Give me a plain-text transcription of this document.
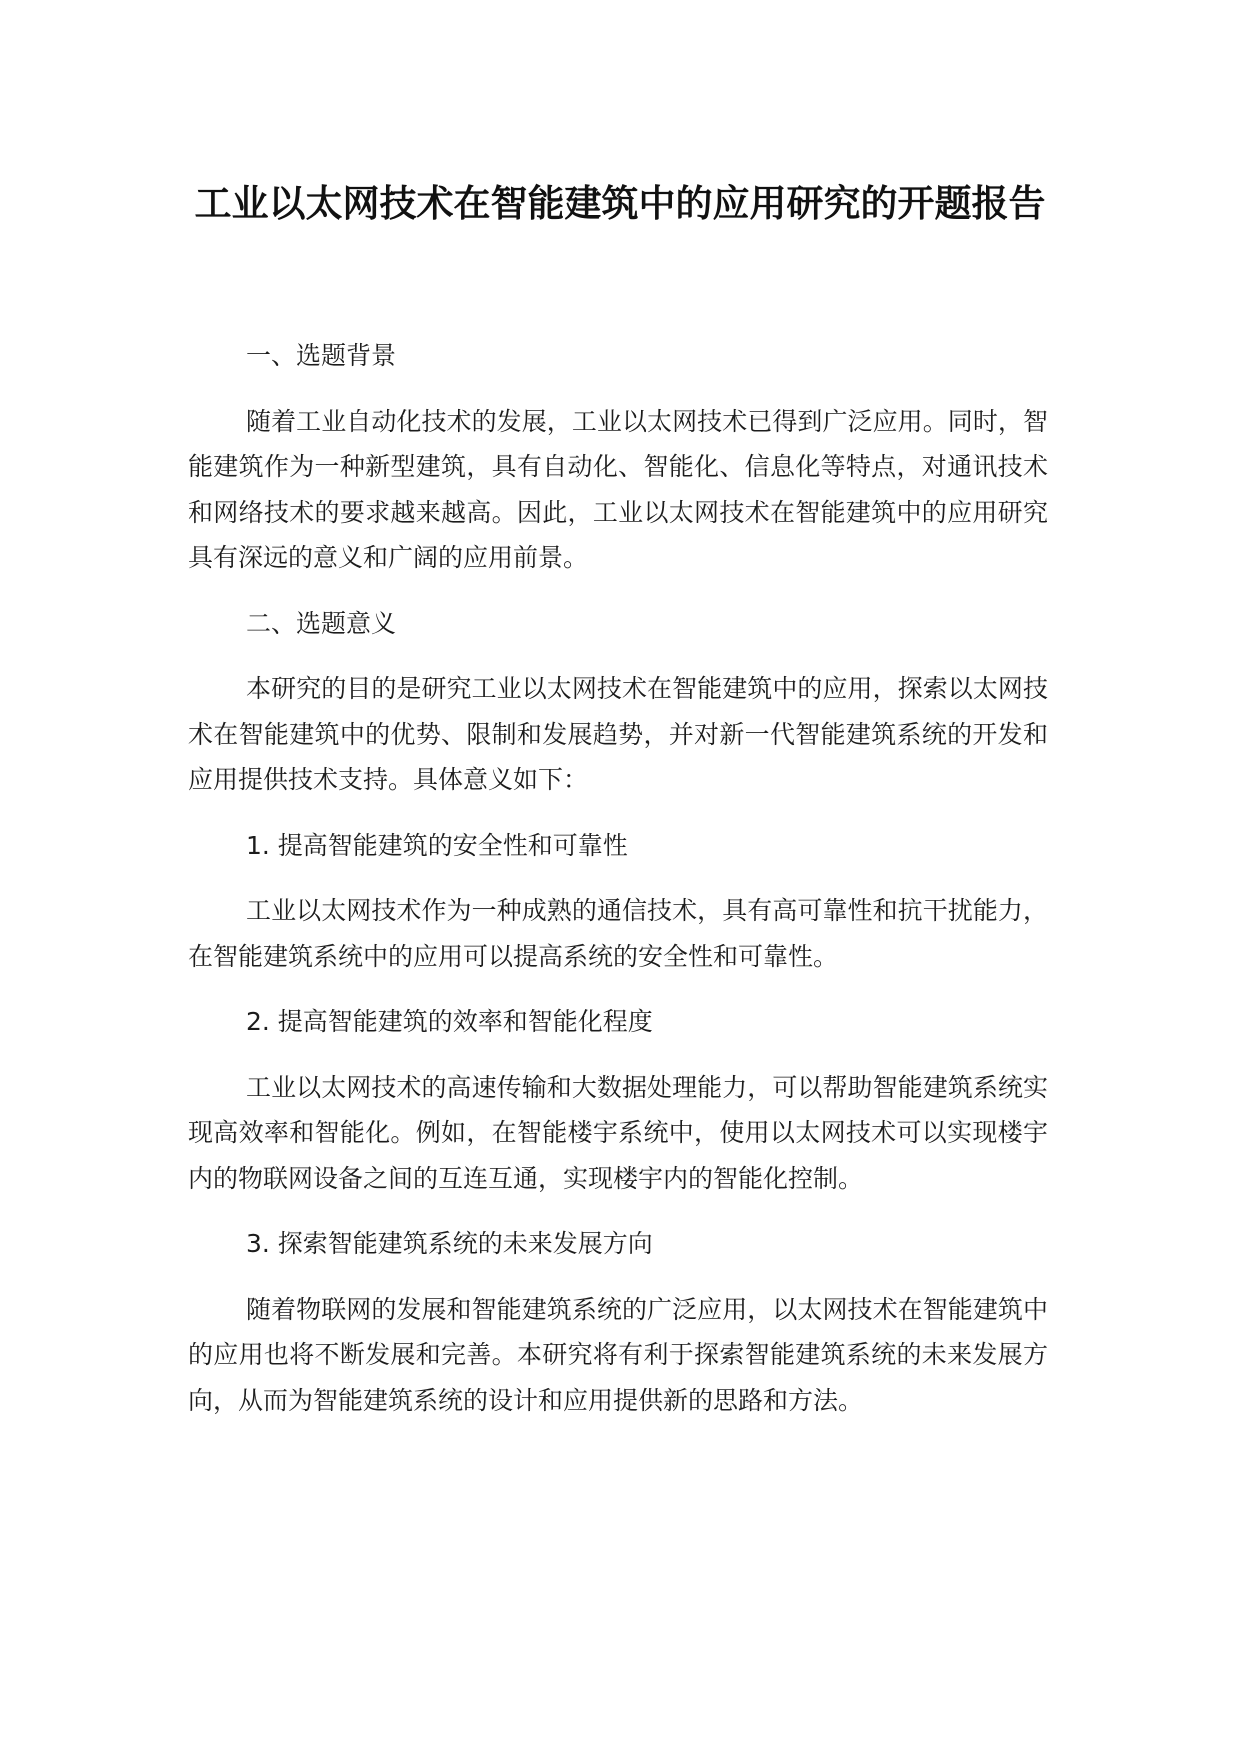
工业以太网技术在智能建筑中的应用研究的开题报告

一、选题背景

随着工业自动化技术的发展，工业以太网技术已得到广泛应用。同时，智能建筑作为一种新型建筑，具有自动化、智能化、信息化等特点，对通讯技术和网络技术的要求越来越高。因此，工业以太网技术在智能建筑中的应用研究具有深远的意义和广阔的应用前景。

二、选题意义

本研究的目的是研究工业以太网技术在智能建筑中的应用，探索以太网技术在智能建筑中的优势、限制和发展趋势，并对新一代智能建筑系统的开发和应用提供技术支持。具体意义如下：

1. 提高智能建筑的安全性和可靠性

工业以太网技术作为一种成熟的通信技术，具有高可靠性和抗干扰能力，在智能建筑系统中的应用可以提高系统的安全性和可靠性。

2. 提高智能建筑的效率和智能化程度

工业以太网技术的高速传输和大数据处理能力，可以帮助智能建筑系统实现高效率和智能化。例如，在智能楼宇系统中，使用以太网技术可以实现楼宇内的物联网设备之间的互连互通，实现楼宇内的智能化控制。

3. 探索智能建筑系统的未来发展方向

随着物联网的发展和智能建筑系统的广泛应用，以太网技术在智能建筑中的应用也将不断发展和完善。本研究将有利于探索智能建筑系统的未来发展方向，从而为智能建筑系统的设计和应用提供新的思路和方法。
